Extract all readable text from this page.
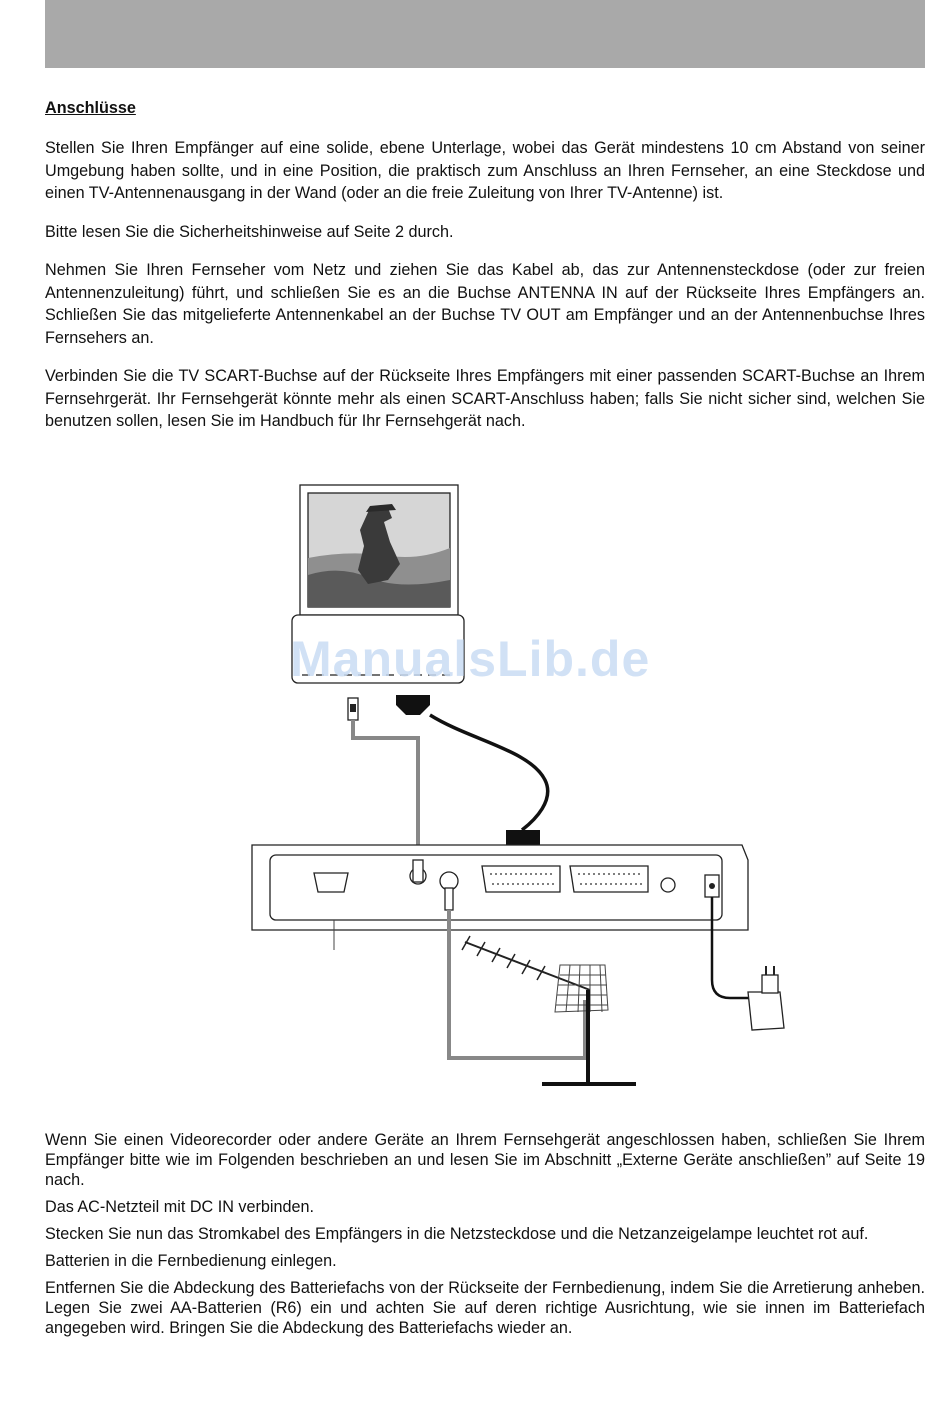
Anschlüsse

Stellen Sie Ihren Empfänger auf eine solide, ebene Unterlage, wobei das Gerät mindestens 10 cm Abstand von seiner Umgebung haben sollte, und in eine Position, die praktisch zum Anschluss an Ihren Fernseher, an eine Steckdose und einen TV-Antennenausgang in der Wand (oder an die freie Zuleitung von Ihrer TV-Antenne) ist.

Bitte lesen Sie die Sicherheitshinweise auf Seite 2 durch.

Nehmen Sie Ihren Fernseher vom Netz und ziehen Sie das Kabel ab, das zur Antennensteckdose (oder zur freien Antennenzuleitung) führt, und schließen Sie es an die Buchse ANTENNA IN auf der Rückseite Ihres Empfängers an. Schließen Sie das mitgelieferte Antennenkabel an der Buchse TV OUT am Empfänger und an der Antennenbuchse Ihres Fernsehers an.

Verbinden Sie die TV SCART-Buchse auf der Rückseite Ihres Empfängers mit einer passenden SCART-Buchse an Ihrem Fernsehrgerät. Ihr Fernsehgerät könnte mehr als einen SCART-Anschluss haben; falls Sie nicht sicher sind, welchen Sie benutzen sollen, lesen Sie im Handbuch für Ihr Fernsehgerät nach.

ManualsLib.de

Wenn Sie einen Videorecorder oder andere Geräte an Ihrem Fernsehgerät angeschlossen haben, schließen Sie Ihrem Empfänger bitte wie im Folgenden beschrieben an und lesen Sie im Abschnitt „Externe Geräte anschließen” auf Seite 19 nach.

Das AC-Netzteil mit DC IN verbinden.

Stecken Sie nun das Stromkabel des Empfängers in die Netzsteckdose und die Netzanzeigelampe leuchtet rot auf.

Batterien in die Fernbedienung einlegen.

Entfernen Sie die Abdeckung des Batteriefachs von der Rückseite der Fernbedienung, indem Sie die Arretierung anheben. Legen Sie zwei AA-Batterien (R6) ein und achten Sie auf deren richtige Ausrichtung, wie sie innen im Batteriefach angegeben wird. Bringen Sie die Abdeckung des Batteriefachs wieder an.
